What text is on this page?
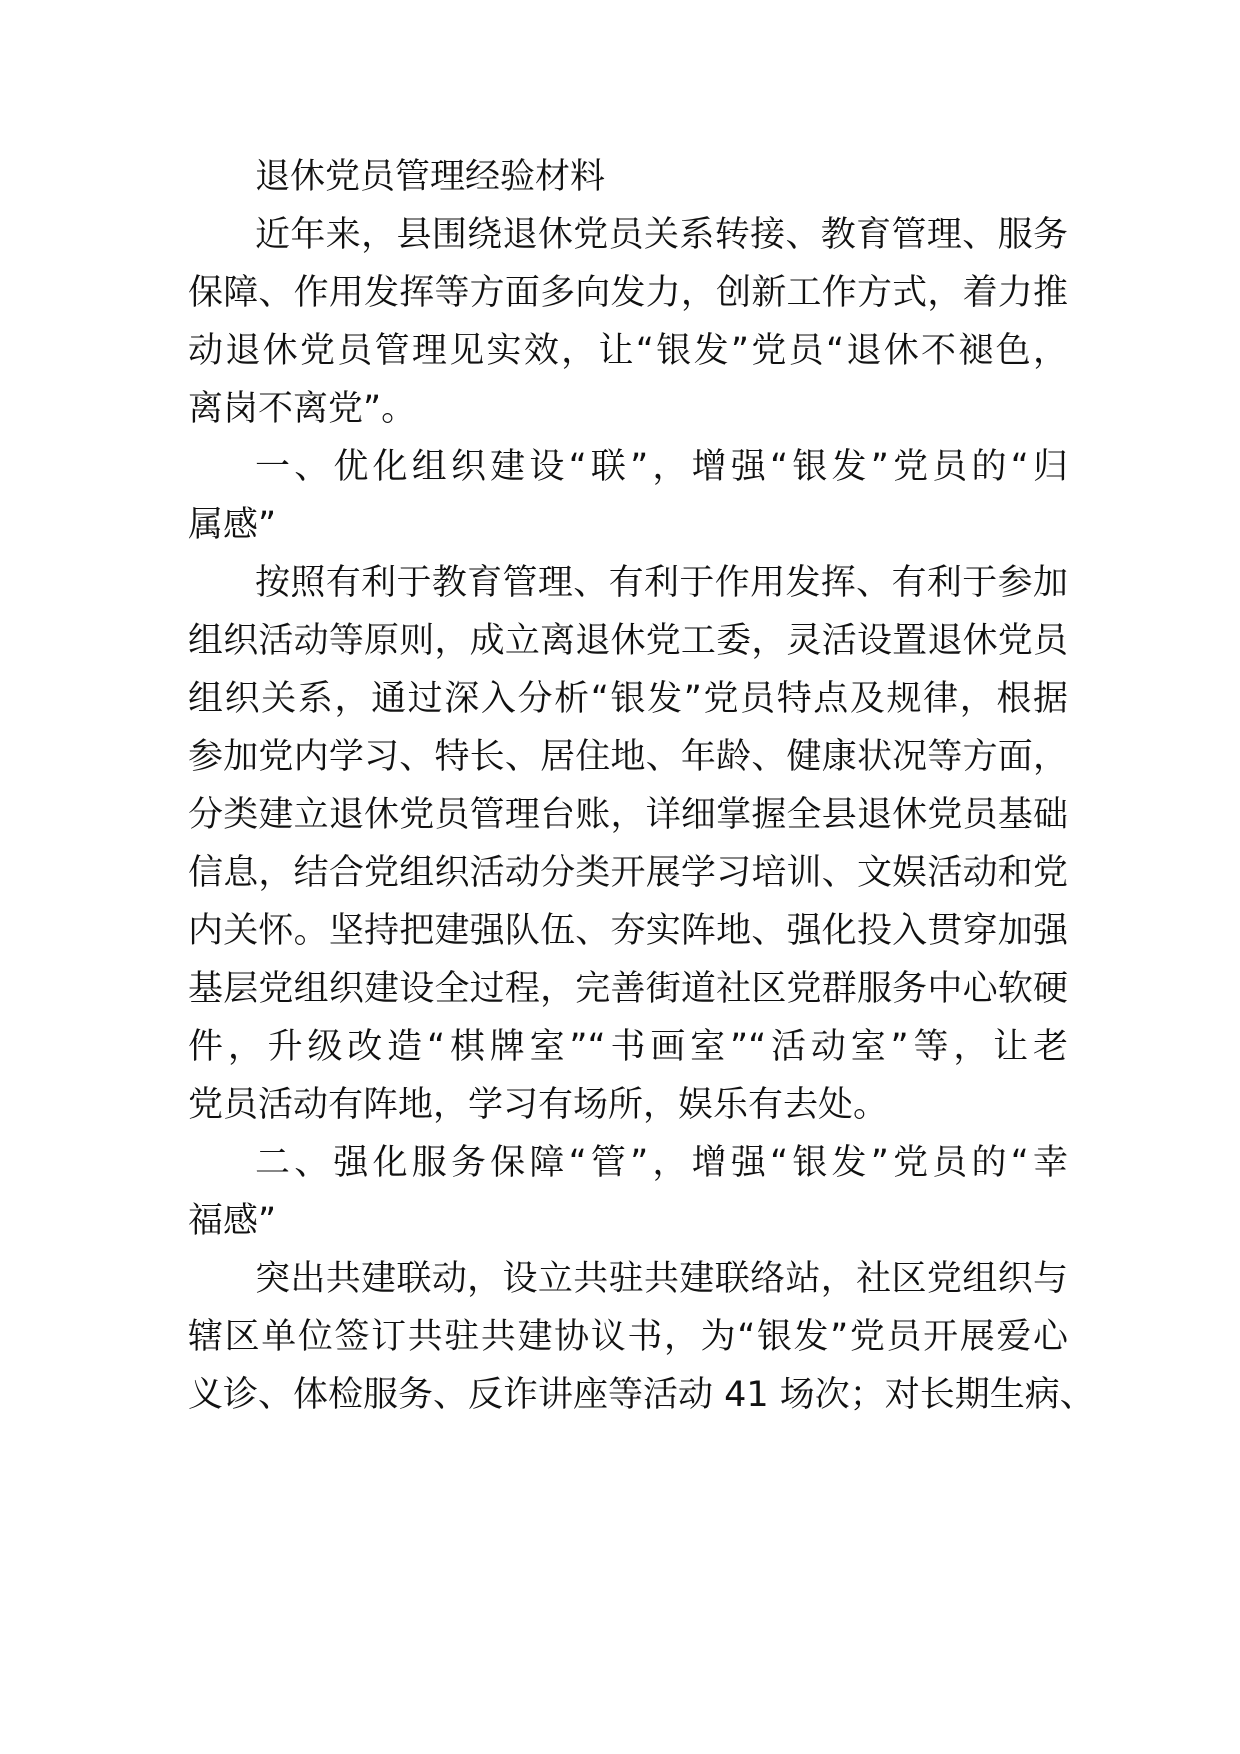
退休党员管理经验材料
近年来，县围绕退休党员关系转接、教育管理、服务
保障、作用发挥等方面多向发力，创新工作方式，着力推
动退休党员管理见实效，让“银发”党员“退休不褪色，
离岗不离党”。
一、优化组织建设“联”，增强“银发”党员的“归
属感”
按照有利于教育管理、有利于作用发挥、有利于参加
组织活动等原则，成立离退休党工委，灵活设置退休党员
组织关系，通过深入分析“银发”党员特点及规律，根据
参加党内学习、特长、居住地、年龄、健康状况等方面，
分类建立退休党员管理台账，详细掌握全县退休党员基础
信息，结合党组织活动分类开展学习培训、文娱活动和党
内关怀。坚持把建强队伍、夯实阵地、强化投入贯穿加强
基层党组织建设全过程，完善街道社区党群服务中心软硬
件，升级改造“棋牌室”“书画室”“活动室”等，让老
党员活动有阵地，学习有场所，娱乐有去处。
二、强化服务保障“管”，增强“银发”党员的“幸
福感”
突出共建联动，设立共驻共建联络站，社区党组织与
辖区单位签订共驻共建协议书，为“银发”党员开展爱心
义诊、体检服务、反诈讲座等活动 41 场次；对长期生病、
